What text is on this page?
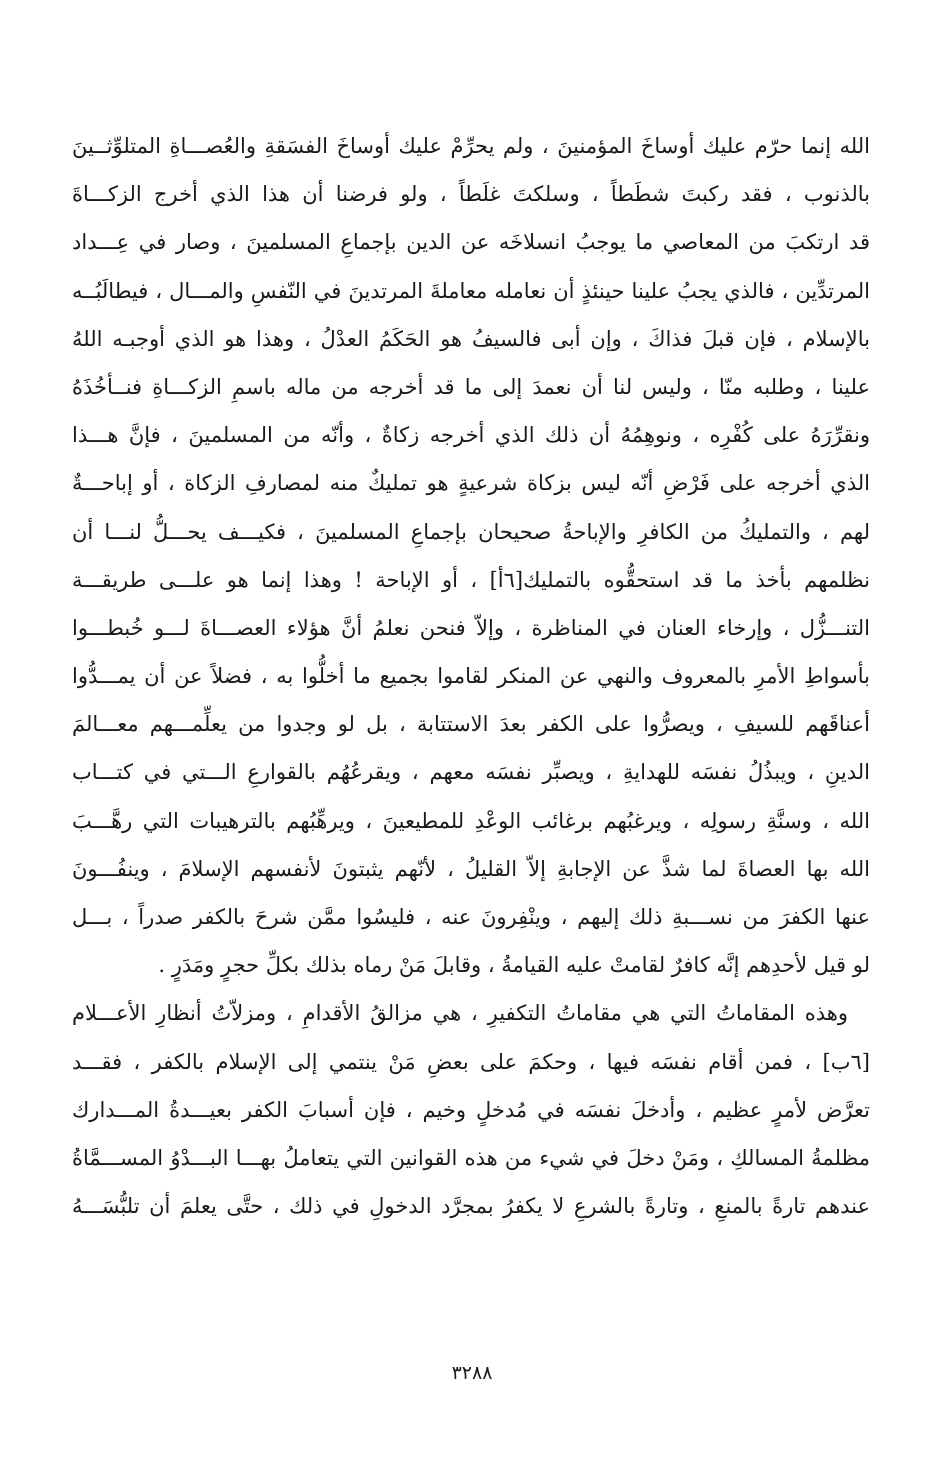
الله إنما حرّم عليك أوساخَ المؤمنينَ ، ولم يحرِّمْ عليك أوساخَ الفسَقةِ والعُصـــاةِ المتلوِّثــينَ
بالذنوب ، فقد ركبتَ شطَطاً ، وسلكتَ غلَطاً ، ولو فرضنا أن هذا الذي أخرج الزكـــاةَ
قد ارتكبَ من المعاصي ما يوجبُ انسلاخَه عن الدين بإجماعِ المسلمينَ ، وصار في عِـــداد
المرتدِّين ، فالذي يجبُ علينا حينئذٍ أن نعامله معاملةَ المرتدينَ في النّفسِ والمـــال ، فيطالَبُــه
بالإسلام ، فإن قبلَ فذاكَ ، وإن أبى فالسيفُ هو الحَكَمُ العدْلُ ، وهذا هو الذي أوجبـه اللهُ
علينا ، وطلبه منّا ، وليس لنا أن نعمدَ إلى ما قد أخرجه من ماله باسمِ الزكـــاةِ فنــأخُذَهُ
ونقرِّرَهُ على كُفْرِه ، ونوهِمُهُ أن ذلك الذي أخرجه زكاةٌ ، وأنّه من المسلمينَ ، فإنَّ هـــذا
الذي أخرجه على فَرْضِ أنّه ليس بزكاة شرعيةٍ هو تمليكٌ منه لمصارفِ الزكاة ، أو إباحـــةٌ
لهم ، والتمليكُ من الكافرِ والإباحةُ صحيحان بإجماعِ المسلمينَ ، فكيـــف يحـــلُّ لنـــا أن
نظلمهم بأخذ ما قد استحقُّوه بالتمليك[٦أ] ، أو الإباحة ! وهذا إنما هو علـــى طريقـــة
التنـــزُّل ، وإرخاء العنان في المناظرة ، وإلاّ فنحن نعلمُ أنَّ هؤلاء العصـــاةَ لـــو خُبطـــوا
بأسواطِ الأمرِ بالمعروف والنهي عن المنكر لقاموا بجميع ما أخلُّوا به ، فضلاً عن أن يمـــدُّوا
أعناقَهم للسيفِ ، ويصرُّوا على الكفر بعدَ الاستتابة ، بل لو وجدوا من يعلِّمـــهم معـــالمَ
الدينِ ، ويبذُلُ نفسَه للهدايةِ ، ويصبِّر نفسَه معهم ، ويقرعُهُم بالقوارعِ الـــتي في كتـــاب
الله ، وسنَّةِ رسولِه ، ويرغبُهم برغائب الوعْدِ للمطيعينَ ، ويرهِّبُهم بالترهيبات التي رهَّـــبَ
الله بها العصاةَ لما شذَّ عن الإجابةِ إلاّ القليلُ ، لأنّهم يثبتونَ لأنفسهم الإسلامَ ، وينفُـــونَ
عنها الكفرَ من نســـبةِ ذلك إليهم ، وينْفِرونَ عنه ، فليسُوا ممَّن شرحَ بالكفر صدراً ، بـــل
لو قيل لأحدِهم إنَّه كافرٌ لقامتْ عليه القيامةُ ، وقابلَ مَنْ رماه بذلك بكلِّ حجرٍ ومَدَرٍ .
وهذه المقاماتُ التي هي مقاماتُ التكفيرِ ، هي مزالقُ الأقدامِ ، ومزلاّتُ أنظارِ الأعـــلام
[٦ب] ، فمن أقام نفسَه فيها ، وحكمَ على بعضِ مَنْ ينتمي إلى الإسلام بالكفر ، فقـــد
تعرَّض لأمرٍ عظيم ، وأدخلَ نفسَه في مُدخلٍ وخيم ، فإن أسبابَ الكفر بعيـــدةُ المـــدارك
مظلمةُ المسالكِ ، ومَنْ دخلَ في شيء من هذه القوانين التي يتعاملُ بهـــا البـــدْوُ المســـمَّاةُ
عندهم تارةً بالمنعِ ، وتارةً بالشرعِ لا يكفرُ بمجرَّد الدخولِ في ذلك ، حتَّى يعلمَ أن تلبُّسَـــهُ
٣٢٨٨
